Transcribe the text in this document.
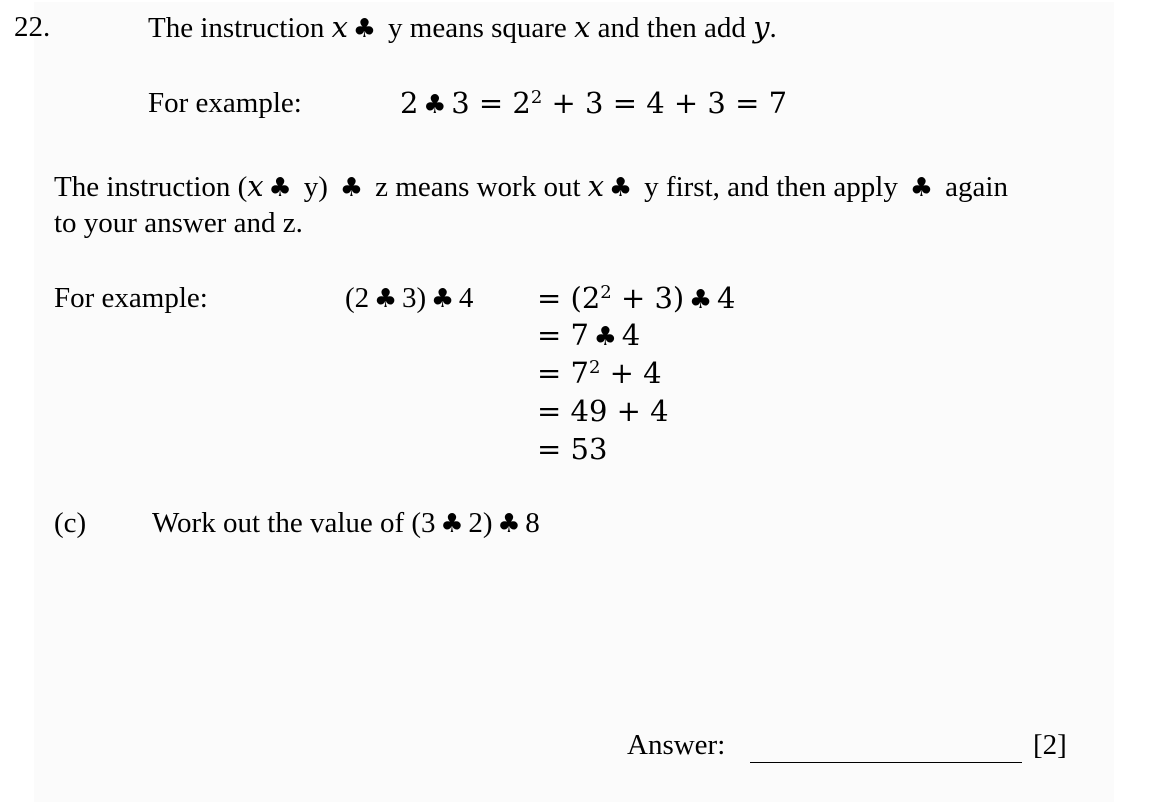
22.	The instruction x ♣ y means square x and then add y.
For example:	2 ♣ $3 = 2^2 + 3 = 4 + 3 = 7$
The instruction (x ♣ y) ♣ z means work out x ♣ y first, and then apply ♣ again
to your answer and z.
For example:	(2 ♣ 3) ♣ $4 = (2^2 + 3)$ ♣ 4
= 7 ♣ 4
= $7^2 + 4$
= 49 + 4
= 53
(c) Work out the value of (3 ♣ 2) ♣ 8
Answer:	[2]
